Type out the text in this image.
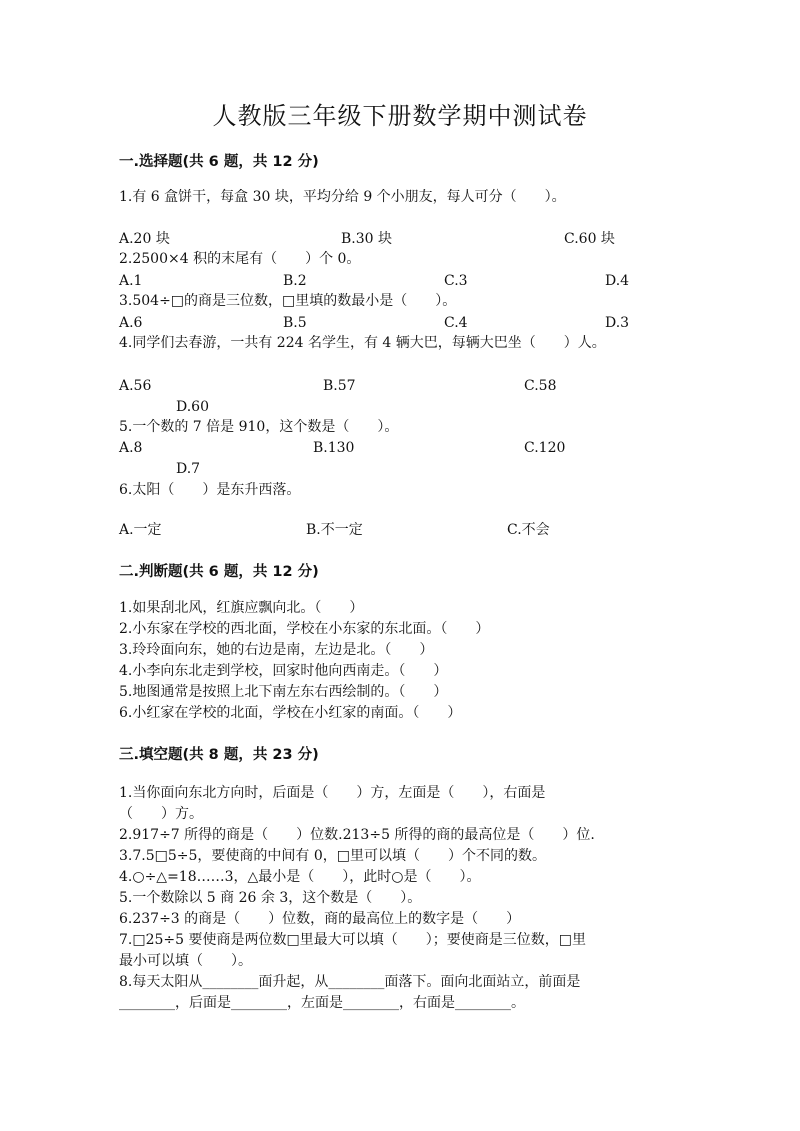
人教版三年级下册数学期中测试卷
一.选择题(共 6 题，共 12 分)
1.有 6 盒饼干，每盒 30 块，平均分给 9 个小朋友，每人可分（　　）。
A.20 块	B.30 块	C.60 块
2.2500×4 积的末尾有（　　）个 0。
A.1	B.2	C.3	D.4
3.504÷□的商是三位数，□里填的数最小是（　　）。
A.6	B.5	C.4	D.3
4.同学们去春游，一共有 224 名学生，有 4 辆大巴，每辆大巴坐（　　）人。
A.56	B.57	C.58
D.60
5.一个数的 7 倍是 910，这个数是（　　）。
A.8	B.130	C.120
D.7
6.太阳（　　）是东升西落。
A.一定	B.不一定	C.不会
二.判断题(共 6 题，共 12 分)
1.如果刮北风，红旗应飘向北。（　　）
2.小东家在学校的西北面，学校在小东家的东北面。（　　）
3.玲玲面向东，她的右边是南，左边是北。（　　）
4.小李向东北走到学校，回家时他向西南走。（　　）
5.地图通常是按照上北下南左东右西绘制的。（　　）
6.小红家在学校的北面，学校在小红家的南面。（　　）
三.填空题(共 8 题，共 23 分)
1.当你面向东北方向时，后面是（　　）方，左面是（　　），右面是
（　　）方。
2.917÷7 所得的商是（　　）位数.213÷5 所得的商的最高位是（　　）位.
3.7.5□5÷5，要使商的中间有 0，□里可以填（　　）个不同的数。
4.○÷△=18……3，△最小是（　　），此时○是（　　）。
5.一个数除以 5 商 26 余 3，这个数是（　　）。
6.237÷3 的商是（　　）位数，商的最高位上的数字是（　　）
7.□25÷5 要使商是两位数□里最大可以填（　　）；要使商是三位数，□里
最小可以填（　　）。
8.每天太阳从________面升起，从________面落下。面向北面站立，前面是
________，后面是________，左面是________，右面是________。
